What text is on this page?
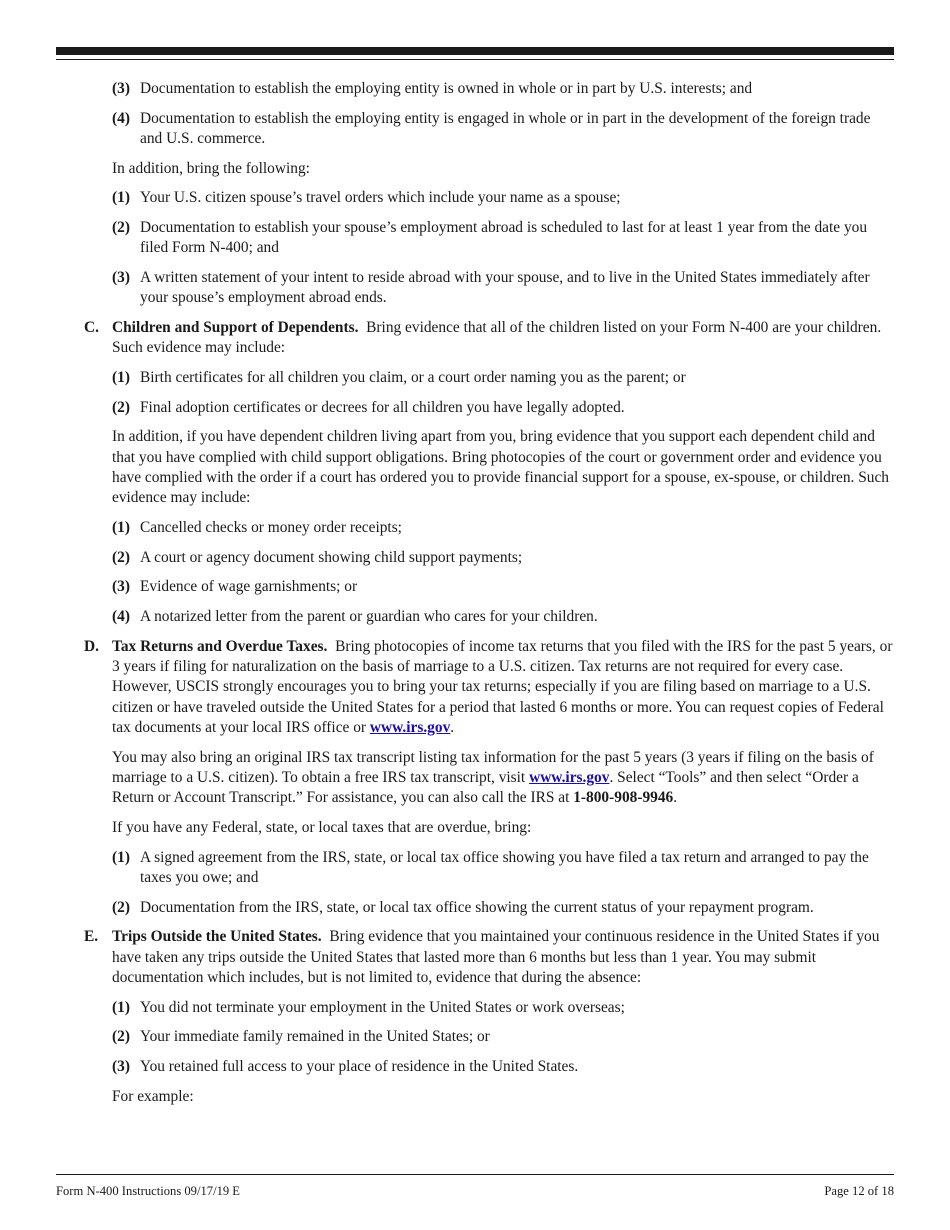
(3) Documentation to establish the employing entity is owned in whole or in part by U.S. interests; and
(4) Documentation to establish the employing entity is engaged in whole or in part in the development of the foreign trade and U.S. commerce.
In addition, bring the following:
(1) Your U.S. citizen spouse’s travel orders which include your name as a spouse;
(2) Documentation to establish your spouse’s employment abroad is scheduled to last for at least 1 year from the date you filed Form N-400; and
(3) A written statement of your intent to reside abroad with your spouse, and to live in the United States immediately after your spouse’s employment abroad ends.
C. Children and Support of Dependents. Bring evidence that all of the children listed on your Form N-400 are your children. Such evidence may include:
(1) Birth certificates for all children you claim, or a court order naming you as the parent; or
(2) Final adoption certificates or decrees for all children you have legally adopted.
In addition, if you have dependent children living apart from you, bring evidence that you support each dependent child and that you have complied with child support obligations. Bring photocopies of the court or government order and evidence you have complied with the order if a court has ordered you to provide financial support for a spouse, ex-spouse, or children. Such evidence may include:
(1) Cancelled checks or money order receipts;
(2) A court or agency document showing child support payments;
(3) Evidence of wage garnishments; or
(4) A notarized letter from the parent or guardian who cares for your children.
D. Tax Returns and Overdue Taxes. Bring photocopies of income tax returns that you filed with the IRS for the past 5 years, or 3 years if filing for naturalization on the basis of marriage to a U.S. citizen. Tax returns are not required for every case. However, USCIS strongly encourages you to bring your tax returns; especially if you are filing based on marriage to a U.S. citizen or have traveled outside the United States for a period that lasted 6 months or more. You can request copies of Federal tax documents at your local IRS office or www.irs.gov.
You may also bring an original IRS tax transcript listing tax information for the past 5 years (3 years if filing on the basis of marriage to a U.S. citizen). To obtain a free IRS tax transcript, visit www.irs.gov. Select “Tools” and then select “Order a Return or Account Transcript.” For assistance, you can also call the IRS at 1-800-908-9946.
If you have any Federal, state, or local taxes that are overdue, bring:
(1) A signed agreement from the IRS, state, or local tax office showing you have filed a tax return and arranged to pay the taxes you owe; and
(2) Documentation from the IRS, state, or local tax office showing the current status of your repayment program.
E. Trips Outside the United States. Bring evidence that you maintained your continuous residence in the United States if you have taken any trips outside the United States that lasted more than 6 months but less than 1 year. You may submit documentation which includes, but is not limited to, evidence that during the absence:
(1) You did not terminate your employment in the United States or work overseas;
(2) Your immediate family remained in the United States; or
(3) You retained full access to your place of residence in the United States.
For example:
Form N-400 Instructions 09/17/19 E	Page 12 of 18
